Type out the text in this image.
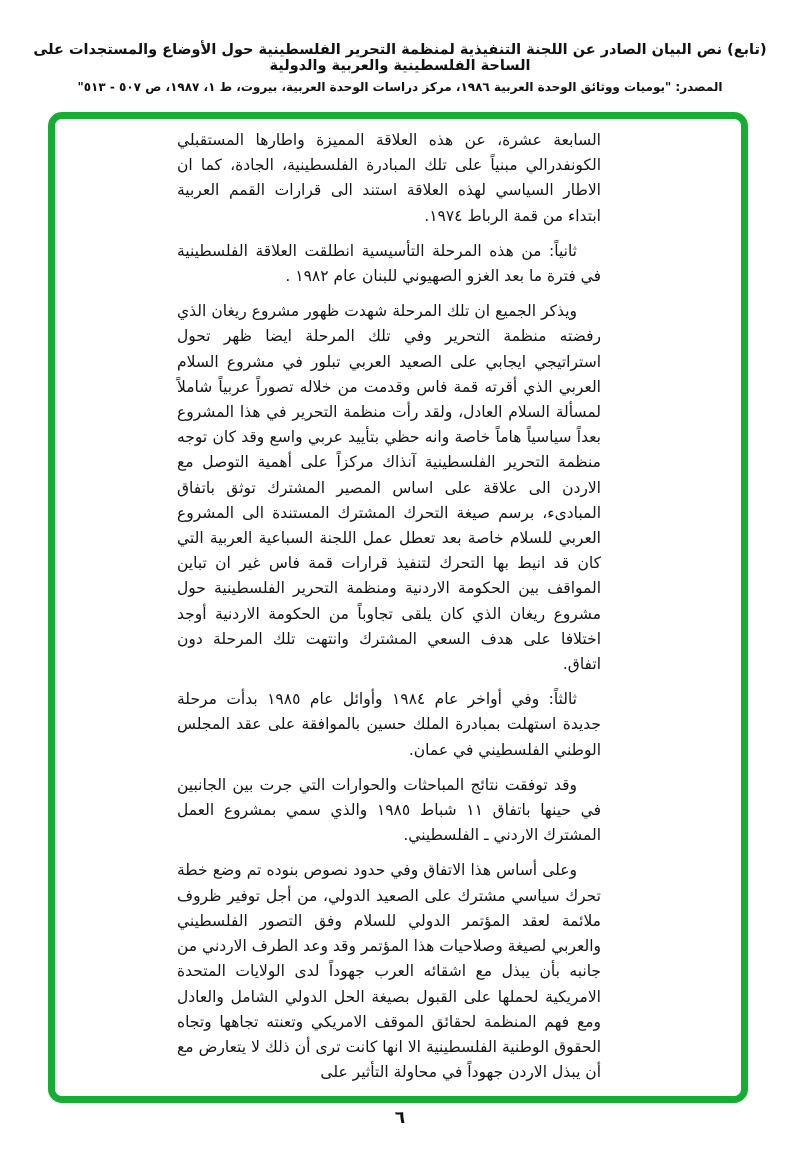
(تابع) نص البيان الصادر عن اللجنة التنفيذية لمنظمة التحرير الفلسطينية حول الأوضاع والمستجدات على الساحة الفلسطينية والعربية والدولية
المصدر: "يوميات ووثائق الوحدة العربية ١٩٨٦، مركز دراسات الوحدة العربية، بيروت، ط ١، ١٩٨٧، ص ٥٠٧ - ٥١٣"

السابعة عشرة، عن هذه العلاقة المميزة واطارها المستقبلي الكونفدرالي مبنياً على تلك المبادرة الفلسطينية، الجادة، كما ان الاطار السياسي لهذه العلاقة استند الى قرارات القمم العربية ابتداء من قمة الرباط ١٩٧٤.

ثانياً: من هذه المرحلة التأسيسية انطلقت العلاقة الفلسطينية في فترة ما بعد الغزو الصهيوني للبنان عام ١٩٨٢ .

ويذكر الجميع ان تلك المرحلة شهدت ظهور مشروع ريغان الذي رفضته منظمة التحرير وفي تلك المرحلة ايضا ظهر تحول استراتيجي ايجابي على الصعيد العربي تبلور في مشروع السلام العربي الذي أقرته قمة فاس وقدمت من خلاله تصوراً عربياً شاملاً لمسألة السلام العادل، ولقد رأت منظمة التحرير في هذا المشروع بعداً سياسياً هاماً خاصة وانه حظي بتأييد عربي واسع وقد كان توجه منظمة التحرير الفلسطينية آنذاك مركزاً على أهمية التوصل مع الاردن الى علاقة على اساس المصير المشترك توثق باتفاق المبادىء، برسم صيغة التحرك المشترك المستندة الى المشروع العربي للسلام خاصة بعد تعطل عمل اللجنة السباعية العربية التي كان قد انيط بها التحرك لتنفيذ قرارات قمة فاس غير ان تباين المواقف بين الحكومة الاردنية ومنظمة التحرير الفلسطينية حول مشروع ريغان الذي كان يلقى تجاوباً من الحكومة الاردنية أوجد اختلافا على هدف السعي المشترك وانتهت تلك المرحلة دون اتفاق.

ثالثاً: وفي أواخر عام ١٩٨٤ وأوائل عام ١٩٨٥ بدأت مرحلة جديدة استهلت بمبادرة الملك حسين بالموافقة على عقد المجلس الوطني الفلسطيني في عمان.

وقد توفقت نتائج المباحثات والحوارات التي جرت بين الجانبين في حينها باتفاق ١١ شباط ١٩٨٥ والذي سمي بمشروع العمل المشترك الاردني ـ الفلسطيني.

وعلى أساس هذا الاتفاق وفي حدود نصوص بنوده تم وضع خطة تحرك سياسي مشترك على الصعيد الدولي، من أجل توفير ظروف ملائمة لعقد المؤتمر الدولي للسلام وفق التصور الفلسطيني والعربي لصيغة وصلاحيات هذا المؤتمر وقد وعد الطرف الاردني من جانبه بأن يبذل مع اشقائه العرب جهوداً لدى الولايات المتحدة الامريكية لحملها على القبول بصيغة الحل الدولي الشامل والعادل ومع فهم المنظمة لحقائق الموقف الامريكي وتعنته تجاهها وتجاه الحقوق الوطنية الفلسطينية الا انها كانت ترى أن ذلك لا يتعارض مع أن يبذل الاردن جهوداً في محاولة التأثير على

٦
